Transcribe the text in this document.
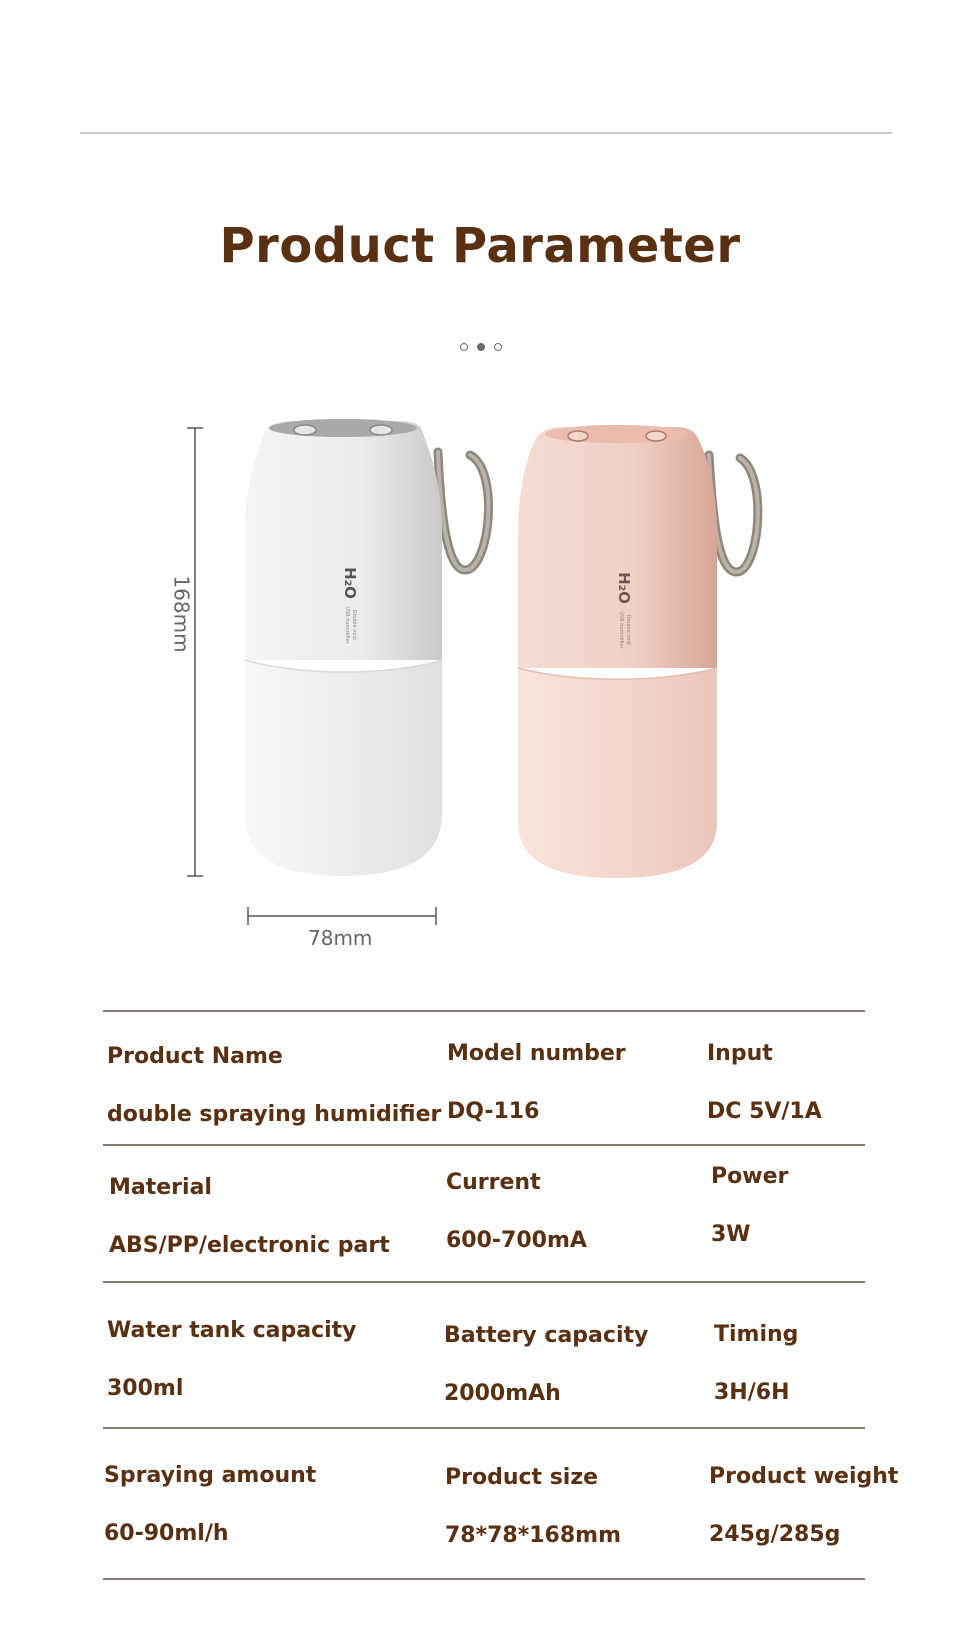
Product Parameter
H₂O
Double mist
USB humidifier
H₂O
Double mist
USB humidifier
168mm
78mm
Product Name
double spraying humidifier
Model number
DQ-116
Input
DC 5V/1A
Material
ABS/PP/electronic part
Current
600-700mA
Power
3W
Water tank capacity
300ml
Battery capacity
2000mAh
Timing
3H/6H
Spraying amount
60-90ml/h
Product size
78*78*168mm
Product weight
245g/285g
